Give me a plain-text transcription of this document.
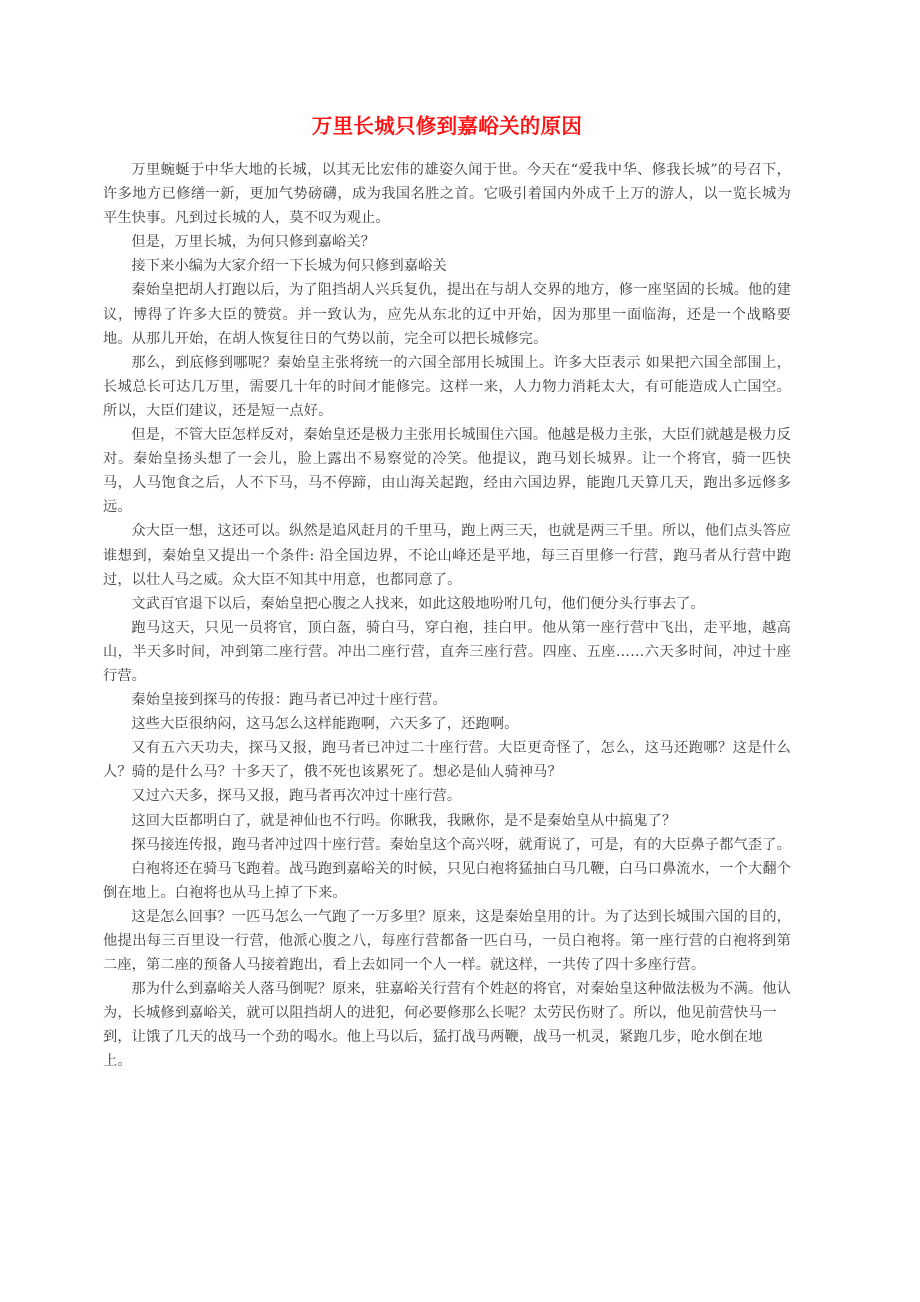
万里长城只修到嘉峪关的原因

万里蜿蜒于中华大地的长城，以其无比宏伟的雄姿久闻于世。今天在“爱我中华、修我长城”的号召下，许多地方已修缮一新，更加气势磅礴，成为我国名胜之首。它吸引着国内外成千上万的游人，以一览长城为平生快事。凡到过长城的人，莫不叹为观止。

但是，万里长城，为何只修到嘉峪关？

接下来小编为大家介绍一下长城为何只修到嘉峪关

秦始皇把胡人打跑以后，为了阻挡胡人兴兵复仇，提出在与胡人交界的地方，修一座坚固的长城。他的建议，博得了许多大臣的赞赏。并一致认为，应先从东北的辽中开始，因为那里一面临海，还是一个战略要地。从那儿开始，在胡人恢复往日的气势以前，完全可以把长城修完。

那么，到底修到哪呢？秦始皇主张将统一的六国全部用长城围上。许多大臣表示 如果把六国全部围上，长城总长可达几万里，需要几十年的时间才能修完。这样一来，人力物力消耗太大，有可能造成人亡国空。所以，大臣们建议，还是短一点好。

但是，不管大臣怎样反对，秦始皇还是极力主张用长城围住六国。他越是极力主张，大臣们就越是极力反对。秦始皇扬头想了一会儿，脸上露出不易察觉的冷笑。他提议，跑马划长城界。让一个将官，骑一匹快马，人马饱食之后，人不下马，马不停蹄，由山海关起跑，经由六国边界，能跑几天算几天，跑出多远修多远。

众大臣一想，这还可以。纵然是追风赶月的千里马，跑上两三天，也就是两三千里。所以，他们点头答应谁想到，秦始皇又提出一个条件: 沿全国边界，不论山峰还是平地，每三百里修一行营，跑马者从行营中跑过，以壮人马之威。众大臣不知其中用意，也都同意了。

文武百官退下以后，秦始皇把心腹之人找来，如此这般地吩咐几句，他们便分头行事去了。

跑马这天，只见一员将官，顶白盔，骑白马，穿白袍，挂白甲。他从第一座行营中飞出，走平地，越高山，半天多时间，冲到第二座行营。冲出二座行营，直奔三座行营。四座、五座……六天多时间，冲过十座行营。

秦始皇接到探马的传报：跑马者已冲过十座行营。

这些大臣很纳闷，这马怎么这样能跑啊，六天多了，还跑啊。

又有五六天功夫，探马又报，跑马者已冲过二十座行营。大臣更奇怪了，怎么，这马还跑哪？这是什么人？骑的是什么马？十多天了，俄不死也该累死了。想必是仙人骑神马？

又过六天多，探马又报，跑马者再次冲过十座行营。

这回大臣都明白了，就是神仙也不行吗。你瞅我，我瞅你，是不是秦始皇从中搞鬼了？

探马接连传报，跑马者冲过四十座行营。秦始皇这个高兴呀，就甭说了，可是，有的大臣鼻子都气歪了。

白袍将还在骑马飞跑着。战马跑到嘉峪关的时候，只见白袍将猛抽白马几鞭，白马口鼻流水，一个大翻个倒在地上。白袍将也从马上掉了下来。

这是怎么回事？一匹马怎么一气跑了一万多里？原来，这是秦始皇用的计。为了达到长城围六国的目的，他提出每三百里设一行营，他派心腹之八，每座行营都备一匹白马，一员白袍将。第一座行营的白袍将到第二座，第二座的预备人马接着跑出，看上去如同一个人一样。就这样，一共传了四十多座行营。

那为什么到嘉峪关人落马倒呢？原来，驻嘉峪关行营有个姓赵的将官，对秦始皇这种做法极为不满。他认为，长城修到嘉峪关，就可以阻挡胡人的进犯，何必要修那么长呢？太劳民伤财了。所以，他见前营快马一到，让饿了几天的战马一个劲的喝水。他上马以后，猛打战马两鞭，战马一机灵，紧跑几步，呛水倒在地上。
